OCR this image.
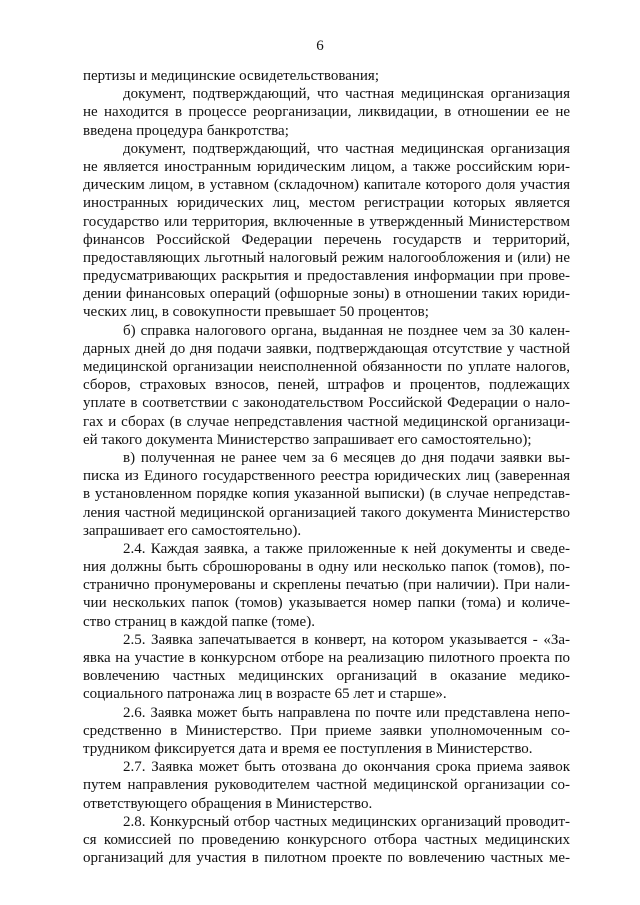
6
пертизы и медицинские освидетельствования;
документ, подтверждающий, что частная медицинская организация
не находится в процессе реорганизации, ликвидации, в отношении ее не
введена процедура банкротства;
документ, подтверждающий, что частная медицинская организация
не является иностранным юридическим лицом, а также российским юри-
дическим лицом, в уставном (складочном) капитале которого доля участия
иностранных юридических лиц, местом регистрации которых является
государство или территория, включенные в утвержденный Министерством
финансов Российской Федерации перечень государств и территорий,
предоставляющих льготный налоговый режим налогообложения и (или) не
предусматривающих раскрытия и предоставления информации при прове-
дении финансовых операций (офшорные зоны) в отношении таких юриди-
ческих лиц, в совокупности превышает 50 процентов;
б) справка налогового органа, выданная не позднее чем за 30 кален-
дарных дней до дня подачи заявки, подтверждающая отсутствие у частной
медицинской организации неисполненной обязанности по уплате налогов,
сборов, страховых взносов, пеней, штрафов и процентов, подлежащих
уплате в соответствии с законодательством Российской Федерации о нало-
гах и сборах (в случае непредставления частной медицинской организаци-
ей такого документа Министерство запрашивает его самостоятельно);
в) полученная не ранее чем за 6 месяцев до дня подачи заявки вы-
писка из Единого государственного реестра юридических лиц (заверенная
в установленном порядке копия указанной выписки) (в случае непредстав-
ления частной медицинской организацией такого документа Министерство
запрашивает его самостоятельно).
2.4. Каждая заявка, а также приложенные к ней документы и сведе-
ния должны быть сброшюрованы в одну или несколько папок (томов), по-
странично пронумерованы и скреплены печатью (при наличии). При нали-
чии нескольких папок (томов) указывается номер папки (тома) и количе-
ство страниц в каждой папке (томе).
2.5. Заявка запечатывается в конверт, на котором указывается - «За-
явка на участие в конкурсном отборе на реализацию пилотного проекта по
вовлечению частных медицинских организаций в оказание медико-
социального патронажа лиц в возрасте 65 лет и старше».
2.6. Заявка может быть направлена по почте или представлена непо-
средственно в Министерство. При приеме заявки уполномоченным со-
трудником фиксируется дата и время ее поступления в Министерство.
2.7. Заявка может быть отозвана до окончания срока приема заявок
путем направления руководителем частной медицинской организации со-
ответствующего обращения в Министерство.
2.8. Конкурсный отбор частных медицинских организаций проводит-
ся комиссией по проведению конкурсного отбора частных медицинских
организаций для участия в пилотном проекте по вовлечению частных ме-
